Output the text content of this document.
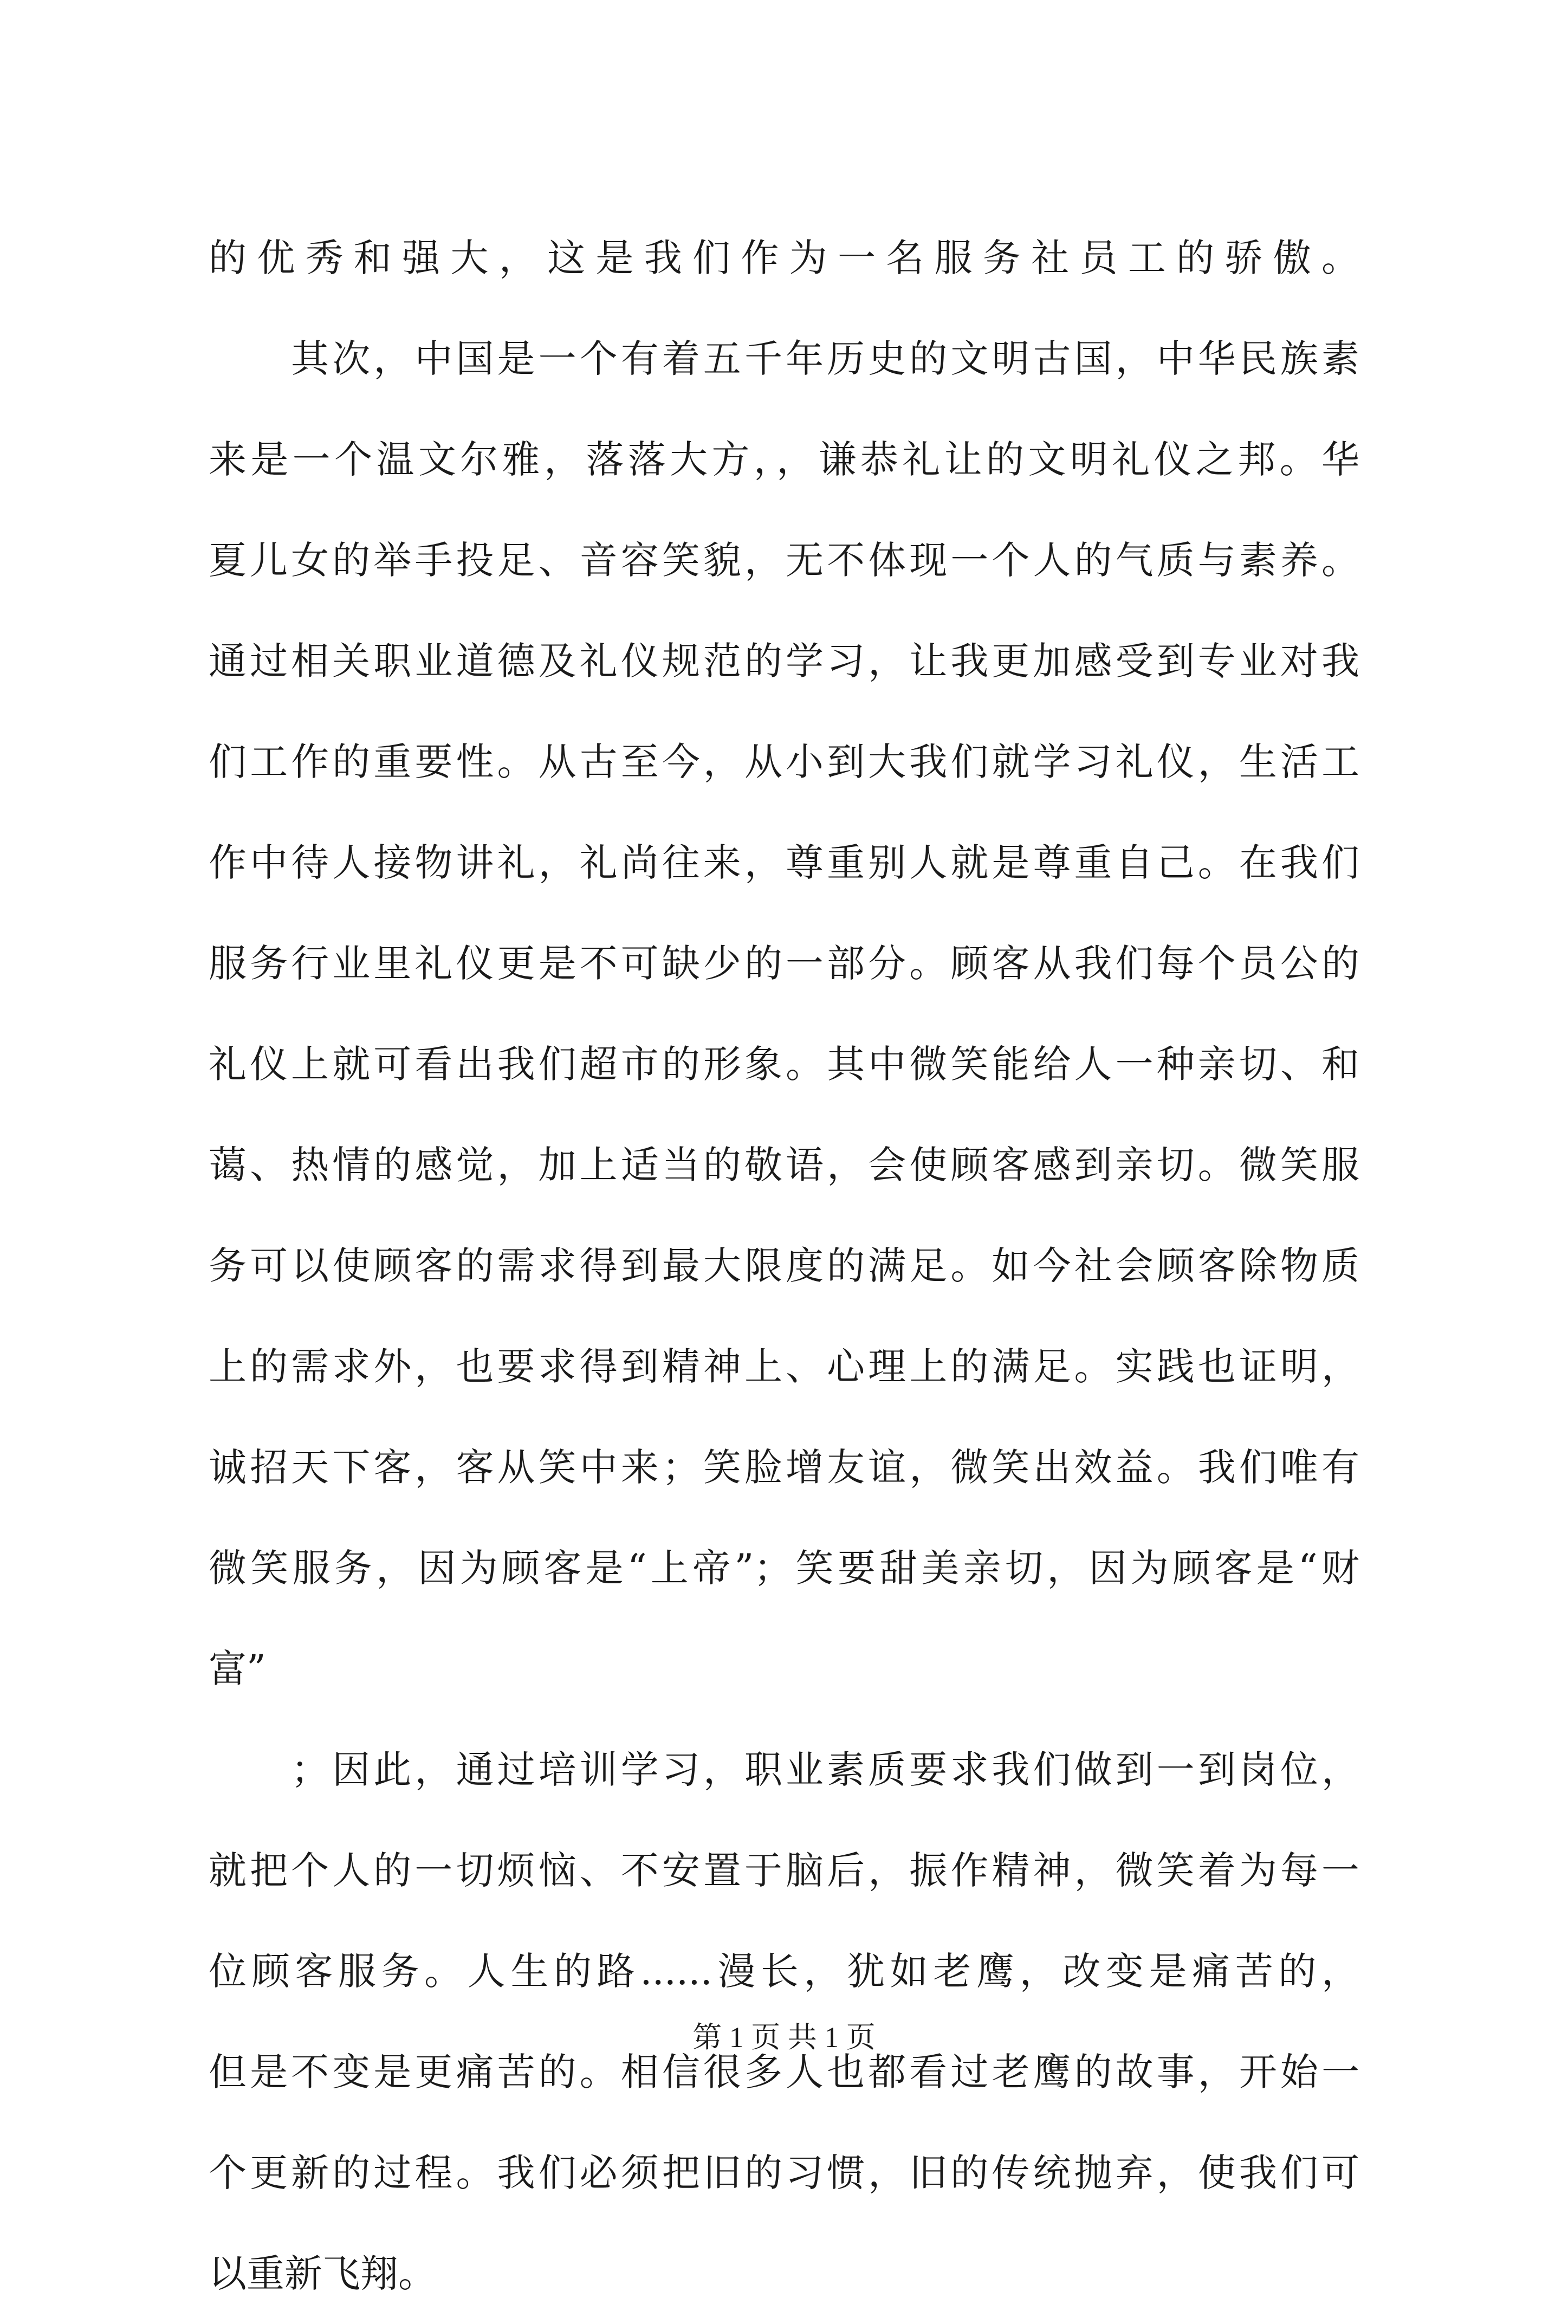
的优秀和强大，这是我们作为一名服务社员工的骄傲。
　　其次，中国是一个有着五千年历史的文明古国，中华民族素
来是一个温文尔雅，落落大方，，谦恭礼让的文明礼仪之邦。华
夏儿女的举手投足、音容笑貌，无不体现一个人的气质与素养。
通过相关职业道德及礼仪规范的学习，让我更加感受到专业对我
们工作的重要性。从古至今，从小到大我们就学习礼仪，生活工
作中待人接物讲礼，礼尚往来，尊重别人就是尊重自己。在我们
服务行业里礼仪更是不可缺少的一部分。顾客从我们每个员公的
礼仪上就可看出我们超市的形象。其中微笑能给人一种亲切、和
蔼、热情的感觉，加上适当的敬语，会使顾客感到亲切。微笑服
务可以使顾客的需求得到最大限度的满足。如今社会顾客除物质
上的需求外，也要求得到精神上、心理上的满足。实践也证明，
诚招天下客，客从笑中来；笑脸增友谊，微笑出效益。我们唯有
微笑服务，因为顾客是“上帝”；笑要甜美亲切，因为顾客是“财
富”
　　；因此，通过培训学习，职业素质要求我们做到一到岗位，
就把个人的一切烦恼、不安置于脑后，振作精神，微笑着为每一
位顾客服务。人生的路......漫长，犹如老鹰，改变是痛苦的，
但是不变是更痛苦的。相信很多人也都看过老鹰的故事，开始一
个更新的过程。我们必须把旧的习惯，旧的传统抛弃，使我们可
以重新飞翔。
第 1 页 共 1 页
